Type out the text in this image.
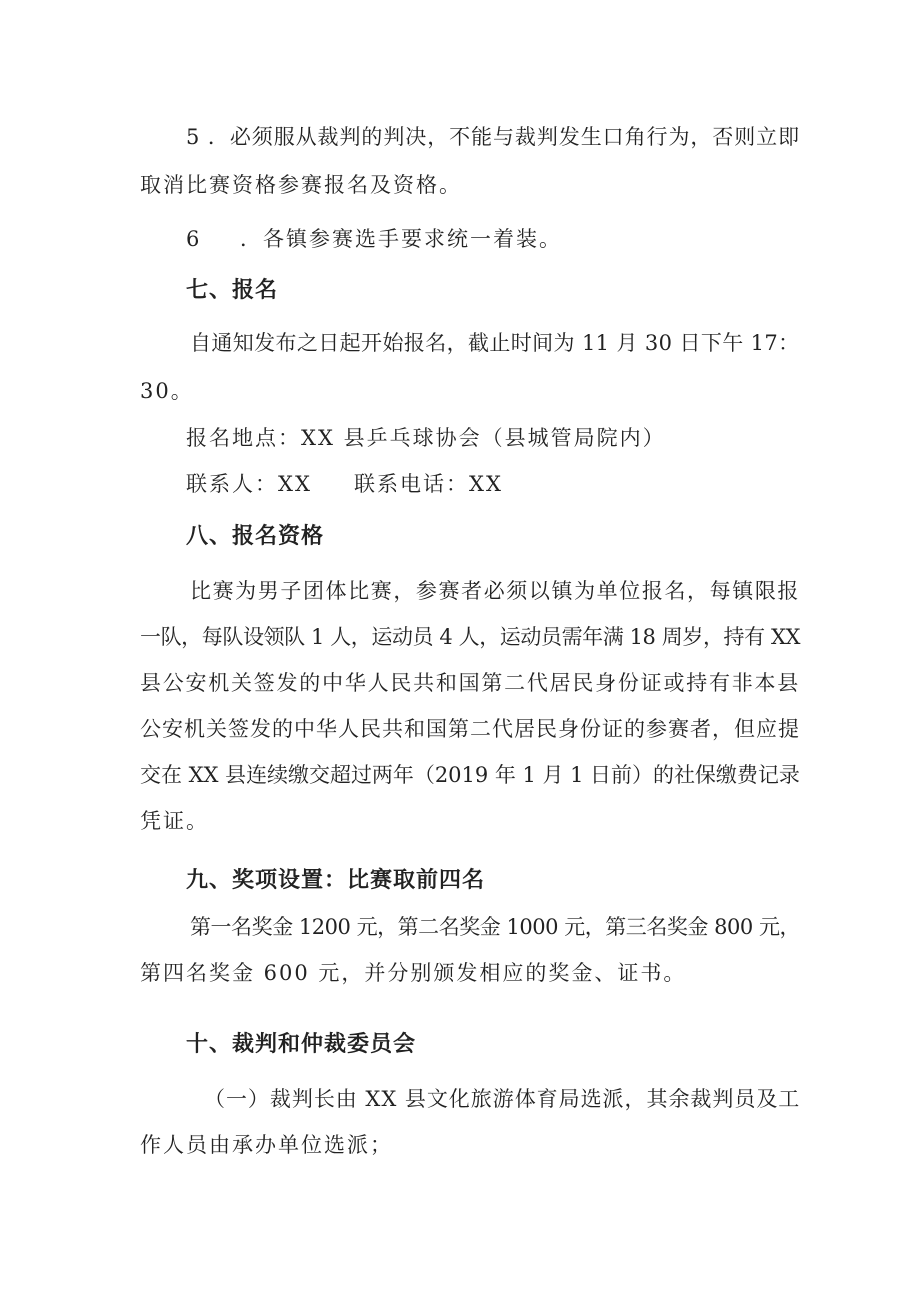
5 ．必须服从裁判的判决，不能与裁判发生口角行为，否则立即
取消比赛资格参赛报名及资格。
6 ．各镇参赛选手要求统一着装。
七、报名
自通知发布之日起开始报名，截止时间为 11 月 30 日下午 17：
30。
报名地点：XX 县乒乓球协会（县城管局院内）
联系人：XX 联系电话：XX
八、报名资格
比赛为男子团体比赛，参赛者必须以镇为单位报名，每镇限报
一队，每队设领队 1 人，运动员 4 人，运动员需年满 18 周岁，持有 XX
县公安机关签发的中华人民共和国第二代居民身份证或持有非本县
公安机关签发的中华人民共和国第二代居民身份证的参赛者，但应提
交在 XX 县连续缴交超过两年（2019 年 1 月 1 日前）的社保缴费记录
凭证。
九、奖项设置：比赛取前四名
第一名奖金 1200 元，第二名奖金 1000 元，第三名奖金 800 元，
第四名奖金 600 元，并分别颁发相应的奖金、证书。
十、裁判和仲裁委员会
（一）裁判长由 XX 县文化旅游体育局选派，其余裁判员及工
作人员由承办单位选派；
